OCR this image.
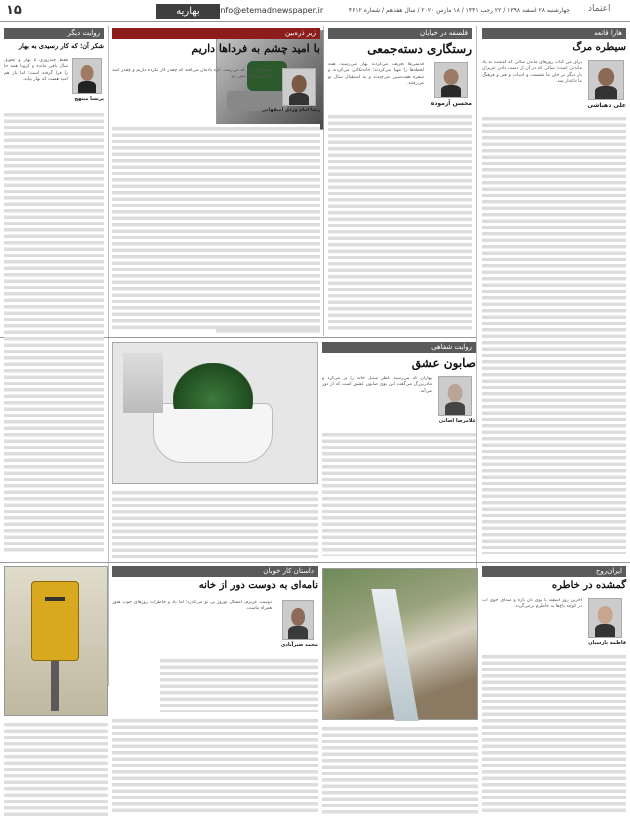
۱۵	بهاریه	Info@etemadnewspaper.ir	چهارشنبه ۲۸ اسفند ۱۳۹۸ / ۲۲ رجب ۱۴۴۱ / ۱۸ مارس ۲۰۲۰ / سال هفدهم / شماره ۴۶۱۲ اعتماد
هارا قانعه
سیطره مرگ
علی دهباشی
برای من کتاب روزهای ماندن سالی که گذشت به یاد ماندنی است؛ سالی که در آن از دست دادن عزیزان بار دیگر بر جان ما نشست و ادبیات و هنر و فرهنگ ما داغدار شد.
فلسفه در خیابان
رستگاری دسته‌جمعی
محسن آزموده
قدیمی‌ها تعریف می‌کردند بهار می‌رسید، همه لحظه‌ها را مهیا می‌کردند؛ خانه‌تکانی می‌کردند و سفره هفت‌سین می‌چیدند و به استقبال سال نو می‌رفتند.
زیر ذره‌بین
با امید چشم به فرداها داریم
رضا امام وردی اصفهانی
شب های عید که می‌رسد، تازه یادمان می‌افتد که چقدر کار نکرده داریم و چقدر امید برای روزهای پیش رو.
روایت دیگر
شکر آن؛ که کار رسیدی به بهار
پریسا مبتهج
فقط چندروزی تا بهار و تحویل سال باقی مانده و کرونا همه جا را فرا گرفته است؛ اما باز هم امید هست که بهار بیاید.
روایت شفاهی
صابون عشق
غلامرضا اصانی
بهاران که می‌رسید عطر سنبل خانه را پر می‌کرد و مادربزرگ می‌گفت این بوی صابون عشق است که از دور می‌آید.
ایران‌روح
گمشده در خاطره
فاطمه پارسیان
آخرین روز اسفند با بوی نان تازه و صدای جوی آب در کوچه باغ‌ها به خاطرم برمی‌گردد.
داستان کار خوبان
نامه‌ای به دوست دور از خانه
محمد صبرآبادی
دوست عزیزم، امسال نوروز بی تو می‌گذرد؛ اما یاد و خاطرات روزهای خوب هنوز همراه ماست.
